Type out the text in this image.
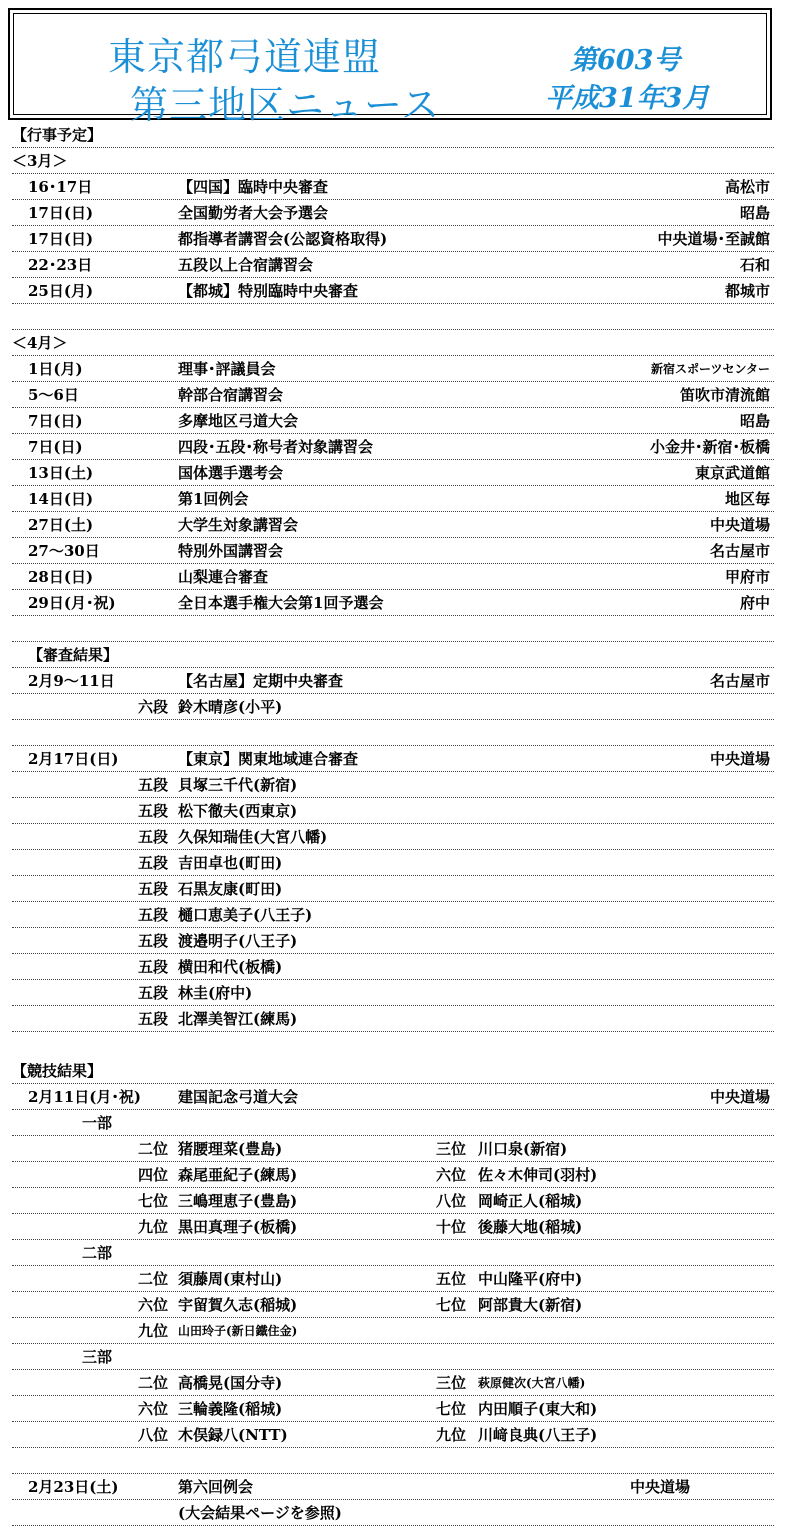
東京都弓道連盟
第三地区ニュース
第603号
平成31年3月
【行事予定】
＜3月＞
16･17日	【四国】臨時中央審査	高松市
17日(日)	全国勤労者大会予選会	昭島
17日(日)	都指導者講習会(公認資格取得)	中央道場･至誠館
22･23日	五段以上合宿講習会	石和
25日(月)	【都城】特別臨時中央審査	都城市
＜4月＞
1日(月)	理事･評議員会	新宿スポーツセンター
5～6日	幹部合宿講習会	笛吹市清流館
7日(日)	多摩地区弓道大会	昭島
7日(日)	四段･五段･称号者対象講習会	小金井･新宿･板橋
13日(土)	国体選手選考会	東京武道館
14日(日)	第1回例会	地区毎
27日(土)	大学生対象講習会	中央道場
27～30日	特別外国講習会	名古屋市
28日(日)	山梨連合審査	甲府市
29日(月･祝)	全日本選手権大会第1回予選会	府中
【審査結果】
2月9～11日	【名古屋】定期中央審査	名古屋市
六段 鈴木晴彦(小平)
2月17日(日)	【東京】関東地域連合審査	中央道場
五段 貝塚三千代(新宿)
五段 松下徹夫(西東京)
五段 久保知瑞佳(大宮八幡)
五段 吉田卓也(町田)
五段 石黒友康(町田)
五段 樋口恵美子(八王子)
五段 渡邉明子(八王子)
五段 横田和代(板橋)
五段 林圭(府中)
五段 北澤美智江(練馬)
【競技結果】
2月11日(月･祝) 建国記念弓道大会	中央道場
一部
二位 猪腰理菜(豊島)	三位 川口泉(新宿)
四位 森尾亜紀子(練馬)	六位 佐々木伸司(羽村)
七位 三嶋理恵子(豊島)	八位 岡崎正人(稲城)
九位 黒田真理子(板橋)	十位 後藤大地(稲城)
二部
二位 須藤周(東村山)	五位 中山隆平(府中)
六位 宇留賀久志(稲城)	七位 阿部貴大(新宿)
九位 山田玲子(新日鐵住金)
三部
二位 高橋晃(国分寺)	三位 萩原健次(大宮八幡)
六位 三輪義隆(稲城)	七位 内田順子(東大和)
八位 木俣録八(NTT)	九位 川﨑良典(八王子)
2月23日(土)	第六回例会	中央道場
(大会結果ページを参照)
